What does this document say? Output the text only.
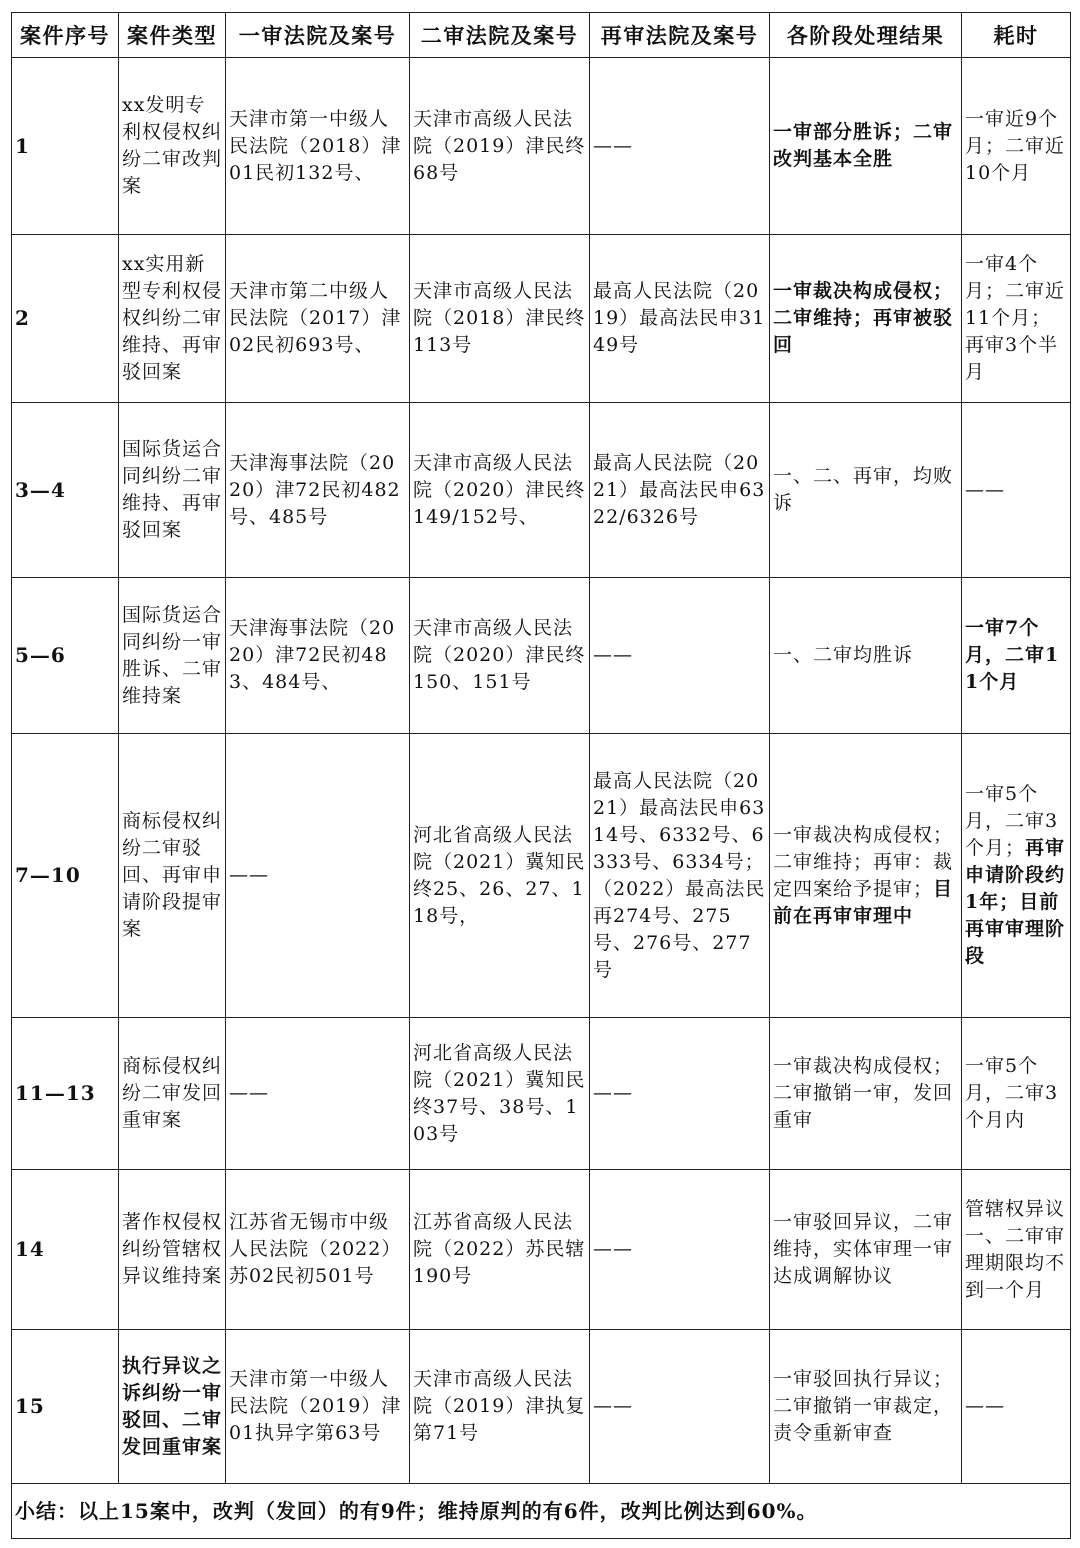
案件序号	案件类型	一审法院及案号	二审法院及案号	再审法院及案号	各阶段处理结果	耗时
1	xx发明专利权侵权纠纷二审改判案	天津市第一中级人民法院（2018）津01民初132号、	天津市高级人民法院（2019）津民终68号	——	一审部分胜诉；二审改判基本全胜	一审近9个月；二审近10个月
2	xx实用新型专利权侵权纠纷二审维持、再审驳回案	天津市第二中级人民法院（2017）津02民初693号、	天津市高级人民法院（2018）津民终113号	最高人民法院（2019）最高法民申3149号	一审裁决构成侵权；二审维持；再审被驳回	一审4个月；二审近11个月；再审3个半月
3—4	国际货运合同纠纷二审维持、再审驳回案	天津海事法院（2020）津72民初482号、485号	天津市高级人民法院（2020）津民终149/152号、	最高人民法院（2021）最高法民申6322/6326号	一、二、再审，均败诉	——
5—6	国际货运合同纠纷一审胜诉、二审维持案	天津海事法院（2020）津72民初483、484号、	天津市高级人民法院（2020）津民终150、151号	——	一、二审均胜诉	一审7个月，二审11个月
7—10	商标侵权纠纷二审驳回、再审申请阶段提审案	——	河北省高级人民法院（2021）冀知民终25、26、27、118号，	最高人民法院（2021）最高法民申6314号、6332号、6333号、6334号；（2022）最高法民再274号、275号、276号、277号	一审裁决构成侵权；二审维持；再审：裁定四案给予提审；目前在再审审理中	一审5个月，二审3个月；再审申请阶段约1年；目前再审审理阶段
11—13	商标侵权纠纷二审发回重审案	——	河北省高级人民法院（2021）冀知民终37号、38号、103号	——	一审裁决构成侵权；二审撤销一审，发回重审	一审5个月，二审3个月内
14	著作权侵权纠纷管辖权异议维持案	江苏省无锡市中级人民法院（2022）苏02民初501号	江苏省高级人民法院（2022）苏民辖190号	——	一审驳回异议，二审维持，实体审理一审达成调解协议	管辖权异议一、二审审理期限均不到一个月
15	执行异议之诉纠纷一审驳回、二审发回重审案	天津市第一中级人民法院（2019）津01执异字第63号	天津市高级人民法院（2019）津执复第71号	——	一审驳回执行异议；二审撤销一审裁定，责令重新审查	——
小结：以上15案中，改判（发回）的有9件；维持原判的有6件，改判比例达到60%。						
